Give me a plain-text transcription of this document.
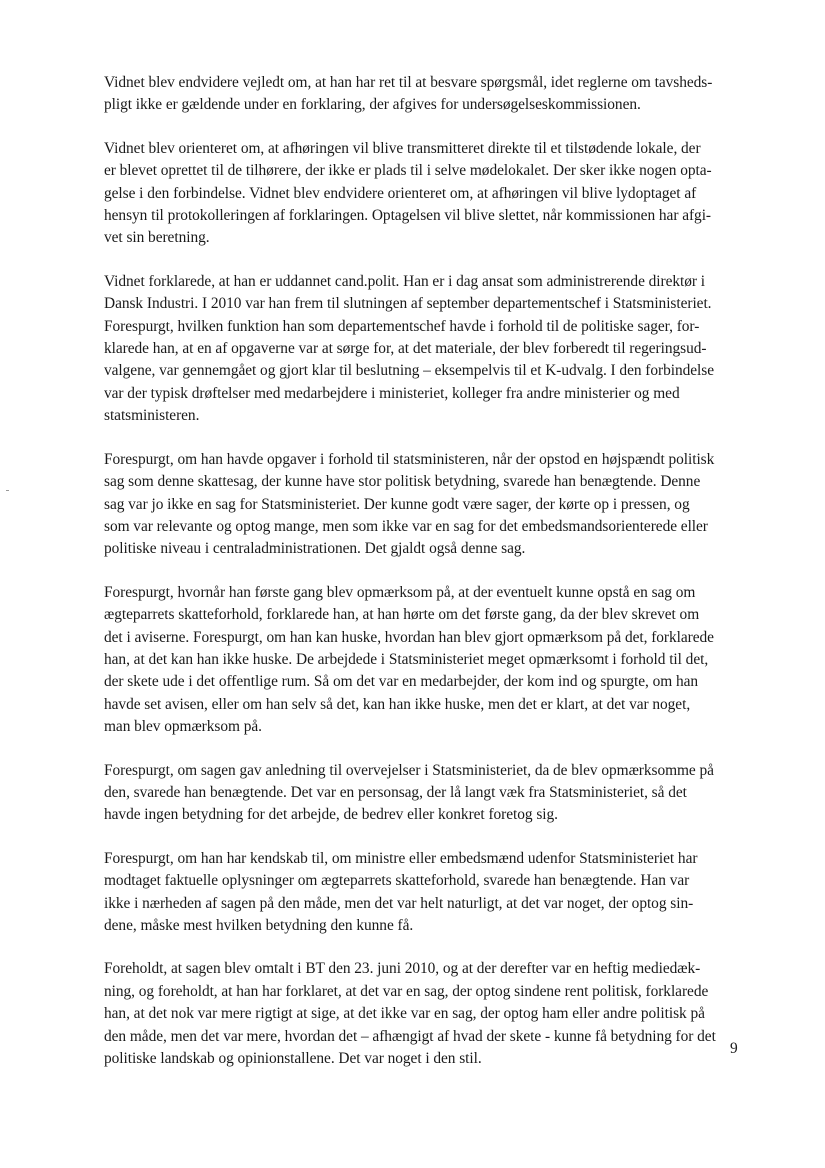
Vidnet blev endvidere vejledt om, at han har ret til at besvare spørgsmål, idet reglerne om tavsheds-
pligt ikke er gældende under en forklaring, der afgives for undersøgelseskommissionen.

Vidnet blev orienteret om, at afhøringen vil blive transmitteret direkte til et tilstødende lokale, der
er blevet oprettet til de tilhørere, der ikke er plads til i selve mødelokalet. Der sker ikke nogen opta-
gelse i den forbindelse. Vidnet blev endvidere orienteret om, at afhøringen vil blive lydoptaget af
hensyn til protokolleringen af forklaringen. Optagelsen vil blive slettet, når kommissionen har afgi-
vet sin beretning.

Vidnet forklarede, at han er uddannet cand.polit. Han er i dag ansat som administrerende direktør i
Dansk Industri. I 2010 var han frem til slutningen af september departementschef i Statsministeriet.
Forespurgt, hvilken funktion han som departementschef havde i forhold til de politiske sager, for-
klarede han, at en af opgaverne var at sørge for, at det materiale, der blev forberedt til regeringsud-
valgene, var gennemgået og gjort klar til beslutning – eksempelvis til et K-udvalg. I den forbindelse
var der typisk drøftelser med medarbejdere i ministeriet, kolleger fra andre ministerier og med
statsministeren.

Forespurgt, om han havde opgaver i forhold til statsministeren, når der opstod en højspændt politisk
sag som denne skattesag, der kunne have stor politisk betydning, svarede han benægtende. Denne
sag var jo ikke en sag for Statsministeriet. Der kunne godt være sager, der kørte op i pressen, og
som var relevante og optog mange, men som ikke var en sag for det embedsmandsorienterede eller
politiske niveau i centraladministrationen. Det gjaldt også denne sag.

Forespurgt, hvornår han første gang blev opmærksom på, at der eventuelt kunne opstå en sag om
ægteparrets skatteforhold, forklarede han, at han hørte om det første gang, da der blev skrevet om
det i aviserne. Forespurgt, om han kan huske, hvordan han blev gjort opmærksom på det, forklarede
han, at det kan han ikke huske. De arbejdede i Statsministeriet meget opmærksomt i forhold til det,
der skete ude i det offentlige rum. Så om det var en medarbejder, der kom ind og spurgte, om han
havde set avisen, eller om han selv så det, kan han ikke huske, men det er klart, at det var noget,
man blev opmærksom på.

Forespurgt, om sagen gav anledning til overvejelser i Statsministeriet, da de blev opmærksomme på
den, svarede han benægtende. Det var en personsag, der lå langt væk fra Statsministeriet, så det
havde ingen betydning for det arbejde, de bedrev eller konkret foretog sig.

Forespurgt, om han har kendskab til, om ministre eller embedsmænd udenfor Statsministeriet har
modtaget faktuelle oplysninger om ægteparrets skatteforhold, svarede han benægtende. Han var
ikke i nærheden af sagen på den måde, men det var helt naturligt, at det var noget, der optog sin-
dene, måske mest hvilken betydning den kunne få.

Foreholdt, at sagen blev omtalt i BT den 23. juni 2010, og at der derefter var en heftig mediedæk-
ning, og foreholdt, at han har forklaret, at det var en sag, der optog sindene rent politisk, forklarede
han, at det nok var mere rigtigt at sige, at det ikke var en sag, der optog ham eller andre politisk på
den måde, men det var mere, hvordan det – afhængigt af hvad der skete - kunne få betydning for det
politiske landskab og opinionstallene. Det var noget i den stil.

9
